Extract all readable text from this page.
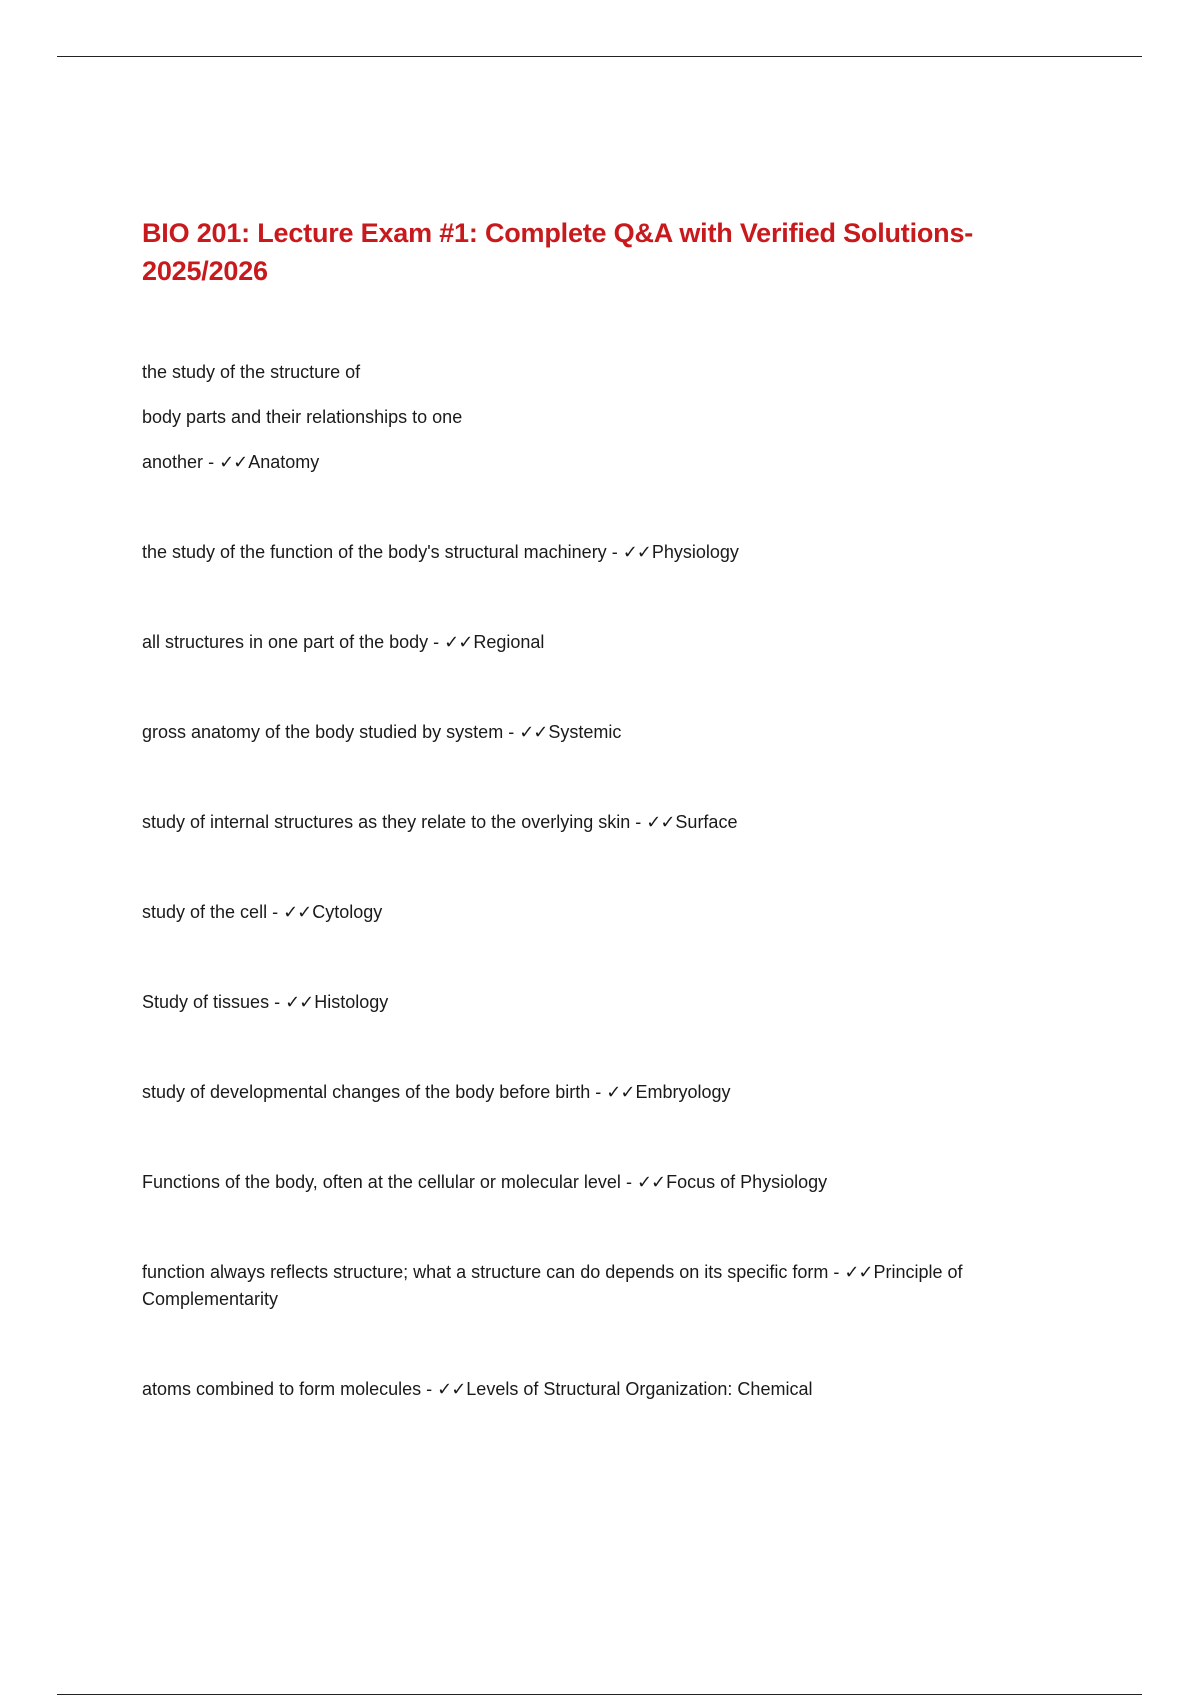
BIO 201: Lecture Exam #1: Complete Q&A with Verified Solutions-2025/2026
the study of the structure of
body parts and their relationships to one
another - ✓✓Anatomy
the study of the function of the body's structural machinery - ✓✓Physiology
all structures in one part of the body - ✓✓Regional
gross anatomy of the body studied by system - ✓✓Systemic
study of internal structures as they relate to the overlying skin - ✓✓Surface
study of the cell - ✓✓Cytology
Study of tissues - ✓✓Histology
study of developmental changes of the body before birth - ✓✓Embryology
Functions of the body, often at the cellular or molecular level - ✓✓Focus of Physiology
function always reflects structure; what a structure can do depends on its specific form - ✓✓Principle of Complementarity
atoms combined to form molecules - ✓✓Levels of Structural Organization: Chemical
